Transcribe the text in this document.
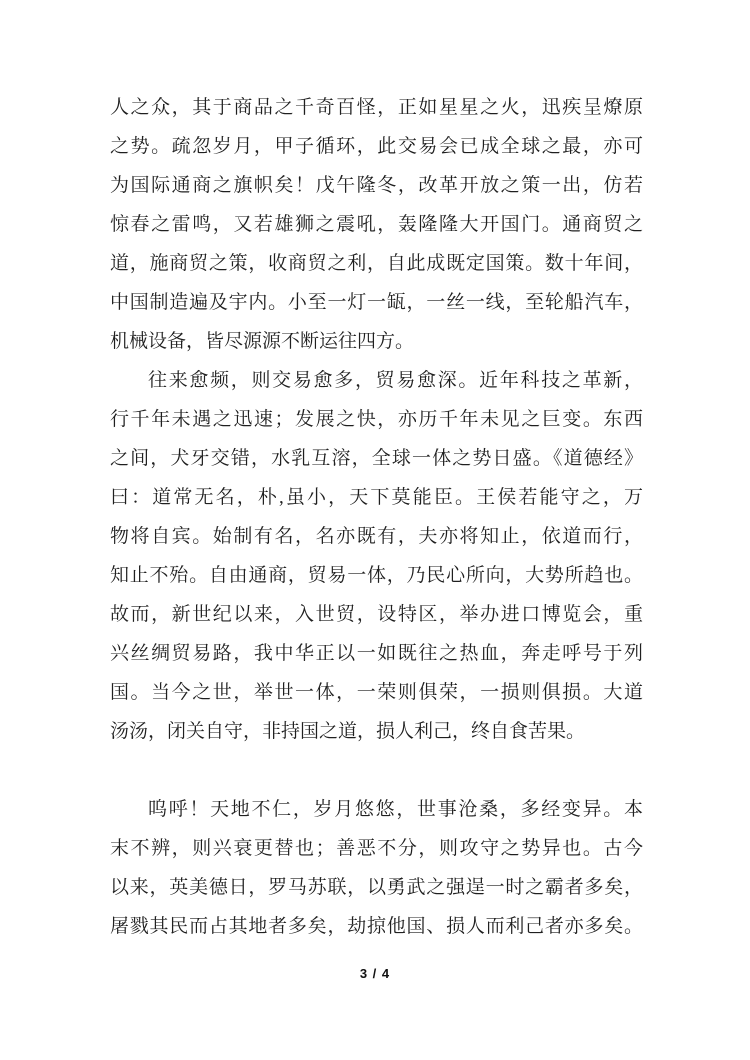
人之众，其于商品之千奇百怪，正如星星之火，迅疾呈燎原
之势。疏忽岁月，甲子循环，此交易会已成全球之最，亦可
为国际通商之旗帜矣！戊午隆冬，改革开放之策一出，仿若
惊春之雷鸣，又若雄狮之震吼，轰隆隆大开国门。通商贸之
道，施商贸之策，收商贸之利，自此成既定国策。数十年间，
中国制造遍及宇内。小至一灯一缻，一丝一线，至轮船汽车，
机械设备，皆尽源源不断运往四方。
往来愈频，则交易愈多，贸易愈深。近年科技之革新，
行千年未遇之迅速；发展之快，亦历千年未见之巨变。东西
之间，犬牙交错，水乳互溶，全球一体之势日盛。《道德经》
曰：道常无名，朴,虽小，天下莫能臣。王侯若能守之，万
物将自宾。始制有名，名亦既有，夫亦将知止，依道而行，
知止不殆。自由通商，贸易一体，乃民心所向，大势所趋也。
故而，新世纪以来，入世贸，设特区，举办进口博览会，重
兴丝绸贸易路，我中华正以一如既往之热血，奔走呼号于列
国。当今之世，举世一体，一荣则俱荣，一损则俱损。大道
汤汤，闭关自守，非持国之道，损人利己，终自食苦果。
呜呼！天地不仁，岁月悠悠，世事沧桑，多经变异。本
末不辨，则兴衰更替也；善恶不分，则攻守之势异也。古今
以来，英美德日，罗马苏联，以勇武之强逞一时之霸者多矣，
屠戮其民而占其地者多矣，劫掠他国、损人而利己者亦多矣。
3 / 4
